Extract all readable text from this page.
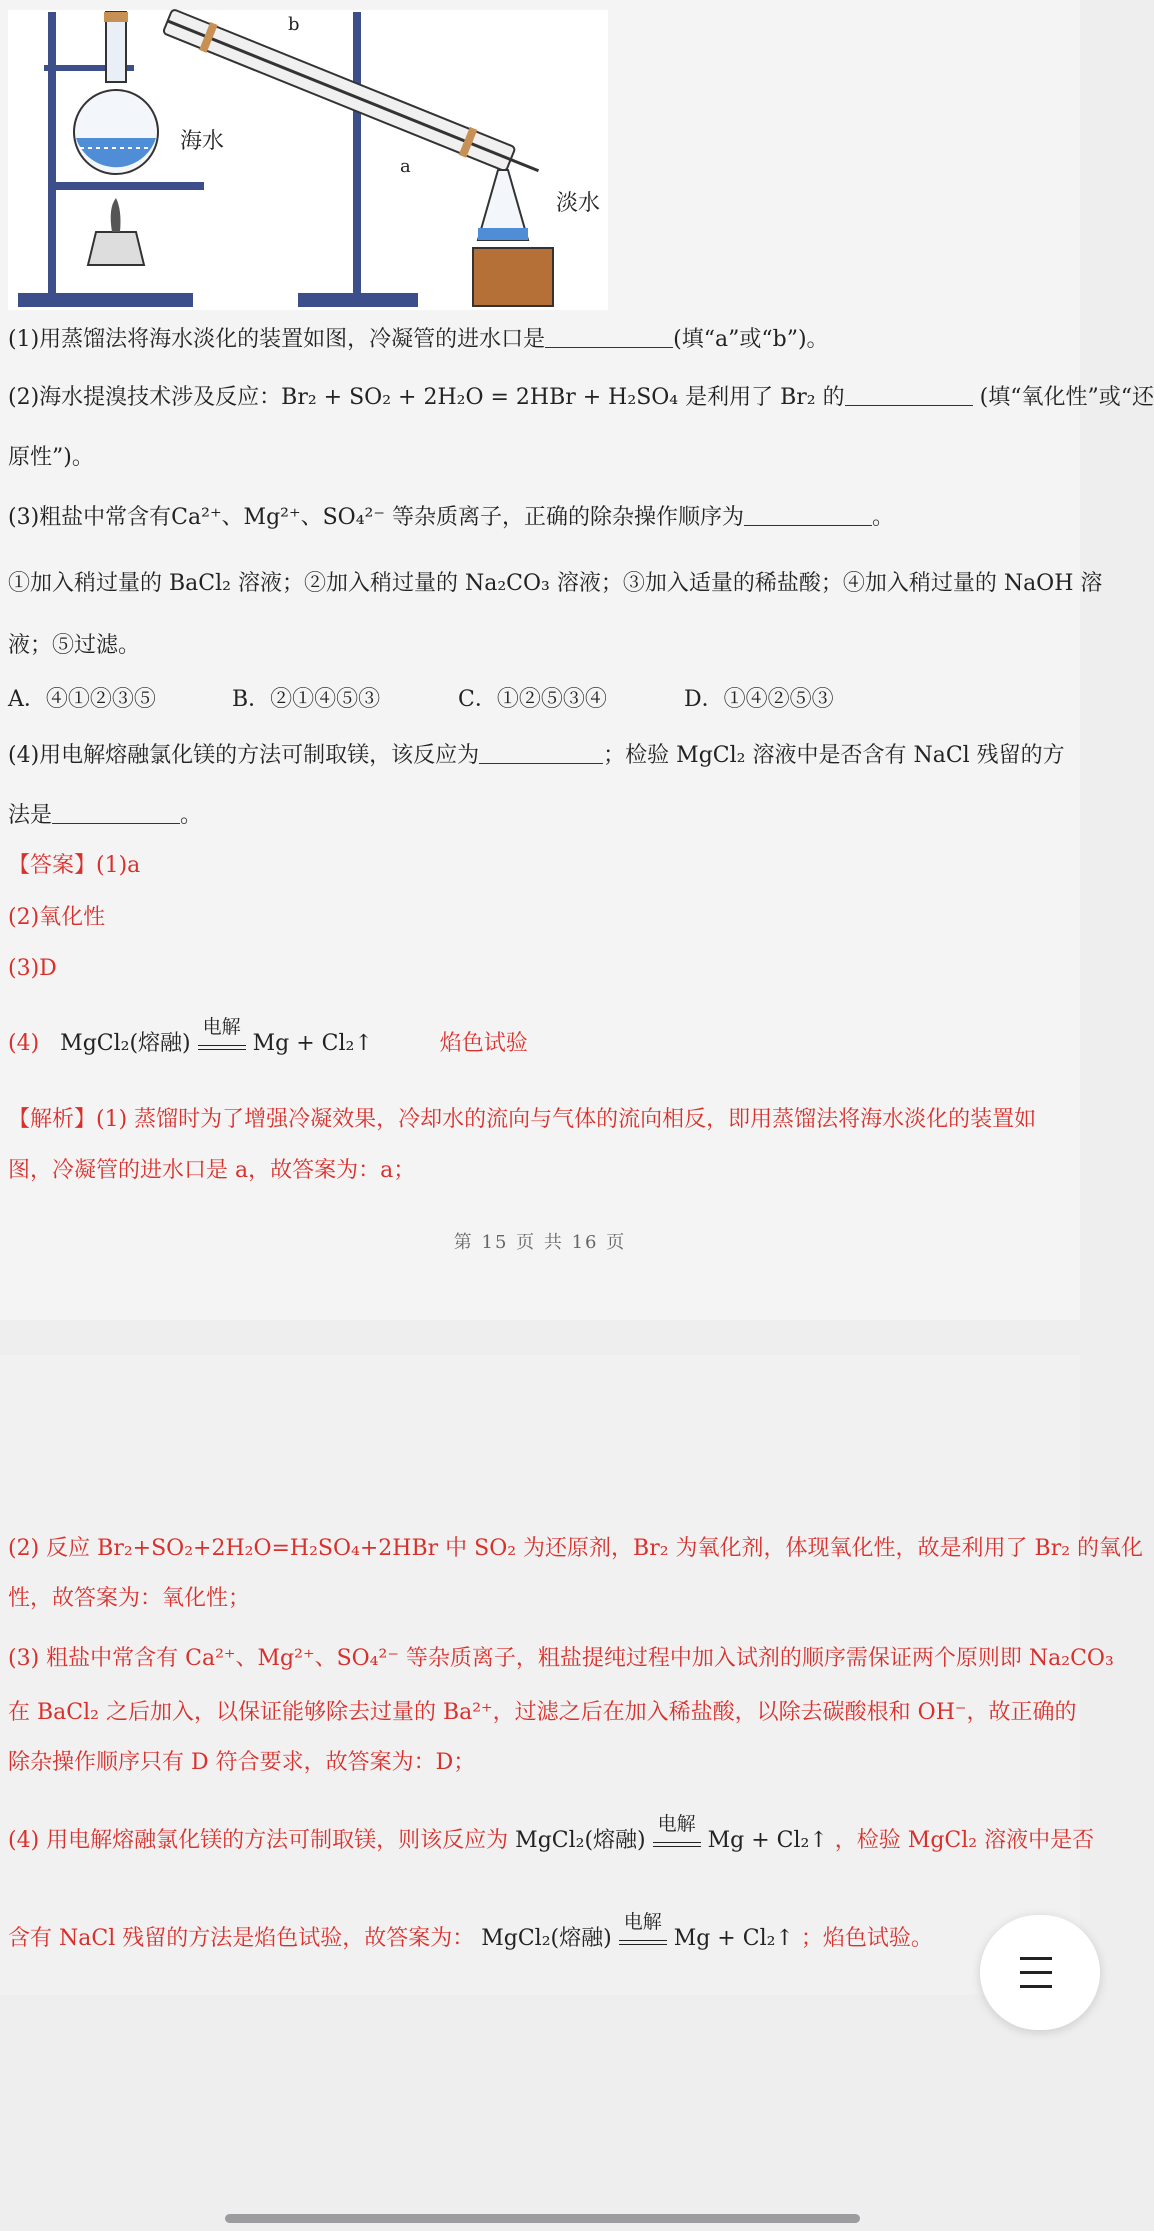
b
a
海水
淡水
(1)用蒸馏法将海水淡化的装置如图，冷凝管的进水口是	(填“a”或“b”)。
(2)海水提溴技术涉及反应：Br₂ + SO₂ + 2H₂O = 2HBr + H₂SO₄ 是利用了 Br₂ 的	(填“氧化性”或“还
原性”)。
(3)粗盐中常含有Ca²⁺、Mg²⁺、SO₄²⁻ 等杂质离子，正确的除杂操作顺序为	。
①加入稍过量的 BaCl₂ 溶液；②加入稍过量的 Na₂CO₃ 溶液；③加入适量的稀盐酸；④加入稍过量的 NaOH 溶
液；⑤过滤。
A．④①②③⑤	B．②①④⑤③	C．①②⑤③④	D．①④②⑤③
(4)用电解熔融氯化镁的方法可制取镁，该反应为	；检验 MgCl₂ 溶液中是否含有 NaCl 残留的方
法是	。
【答案】(1)a
(2)氧化性
(3)D
(4) MgCl₂(熔融)
电解
Mg + Cl₂↑	焰色试验
【解析】(1) 蒸馏时为了增强冷凝效果，冷却水的流向与气体的流向相反，即用蒸馏法将海水淡化的装置如
图，冷凝管的进水口是 a，故答案为：a；
第 15 页 共 16 页
(2) 反应 Br₂+SO₂+2H₂O=H₂SO₄+2HBr 中 SO₂ 为还原剂，Br₂ 为氧化剂，体现氧化性，故是利用了 Br₂ 的氧化
性，故答案为：氧化性；
(3) 粗盐中常含有 Ca²⁺、Mg²⁺、SO₄²⁻ 等杂质离子，粗盐提纯过程中加入试剂的顺序需保证两个原则即 Na₂CO₃
在 BaCl₂ 之后加入，以保证能够除去过量的 Ba²⁺，过滤之后在加入稀盐酸，以除去碳酸根和 OH⁻，故正确的
除杂操作顺序只有 D 符合要求，故答案为：D；
(4) 用电解熔融氯化镁的方法可制取镁，则该反应为 MgCl₂(熔融)
电解
Mg + Cl₂↑ ，检验 MgCl₂ 溶液中是否
含有 NaCl 残留的方法是焰色试验，故答案为： MgCl₂(熔融)
电解
Mg + Cl₂↑ ；焰色试验。
